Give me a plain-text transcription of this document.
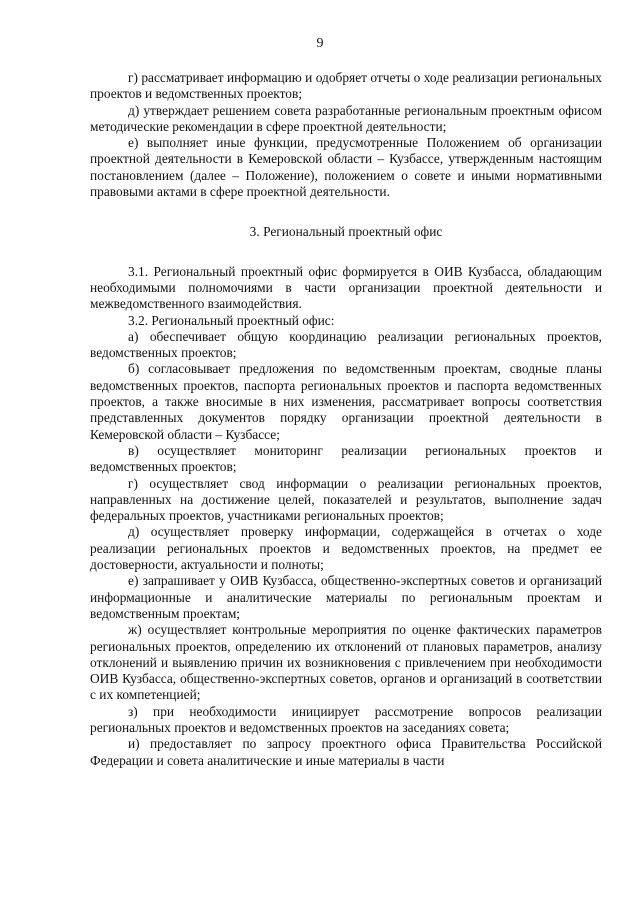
9

г) рассматривает информацию и одобряет отчеты о ходе реализации региональных проектов и ведомственных проектов;

д) утверждает решением совета разработанные региональным проектным офисом методические рекомендации в сфере проектной деятельности;

е) выполняет иные функции, предусмотренные Положением об организации проектной деятельности в Кемеровской области – Кузбассе, утвержденным настоящим постановлением (далее – Положение), положением о совете и иными нормативными правовыми актами в сфере проектной деятельности.

3. Региональный проектный офис

3.1. Региональный проектный офис формируется в ОИВ Кузбасса, обладающим необходимыми полномочиями в части организации проектной деятельности и межведомственного взаимодействия.

3.2. Региональный проектный офис:

а) обеспечивает общую координацию реализации региональных проектов, ведомственных проектов;

б) согласовывает предложения по ведомственным проектам, сводные планы ведомственных проектов, паспорта региональных проектов и паспорта ведомственных проектов, а также вносимые в них изменения, рассматривает вопросы соответствия представленных документов порядку организации проектной деятельности в Кемеровской области – Кузбассе;

в) осуществляет мониторинг реализации региональных проектов и ведомственных проектов;

г) осуществляет свод информации о реализации региональных проектов, направленных на достижение целей, показателей и результатов, выполнение задач федеральных проектов, участниками региональных проектов;

д) осуществляет проверку информации, содержащейся в отчетах о ходе реализации региональных проектов и ведомственных проектов, на предмет ее достоверности, актуальности и полноты;

е) запрашивает у ОИВ Кузбасса, общественно-экспертных советов и организаций информационные и аналитические материалы по региональным проектам и ведомственным проектам;

ж) осуществляет контрольные мероприятия по оценке фактических параметров региональных проектов, определению их отклонений от плановых параметров, анализу отклонений и выявлению причин их возникновения с привлечением при необходимости ОИВ Кузбасса, общественно-экспертных советов, органов и организаций в соответствии с их компетенцией;

з) при необходимости инициирует рассмотрение вопросов реализации региональных проектов и ведомственных проектов на заседаниях совета;

и) предоставляет по запросу проектного офиса Правительства Российской Федерации и совета аналитические и иные материалы в части
